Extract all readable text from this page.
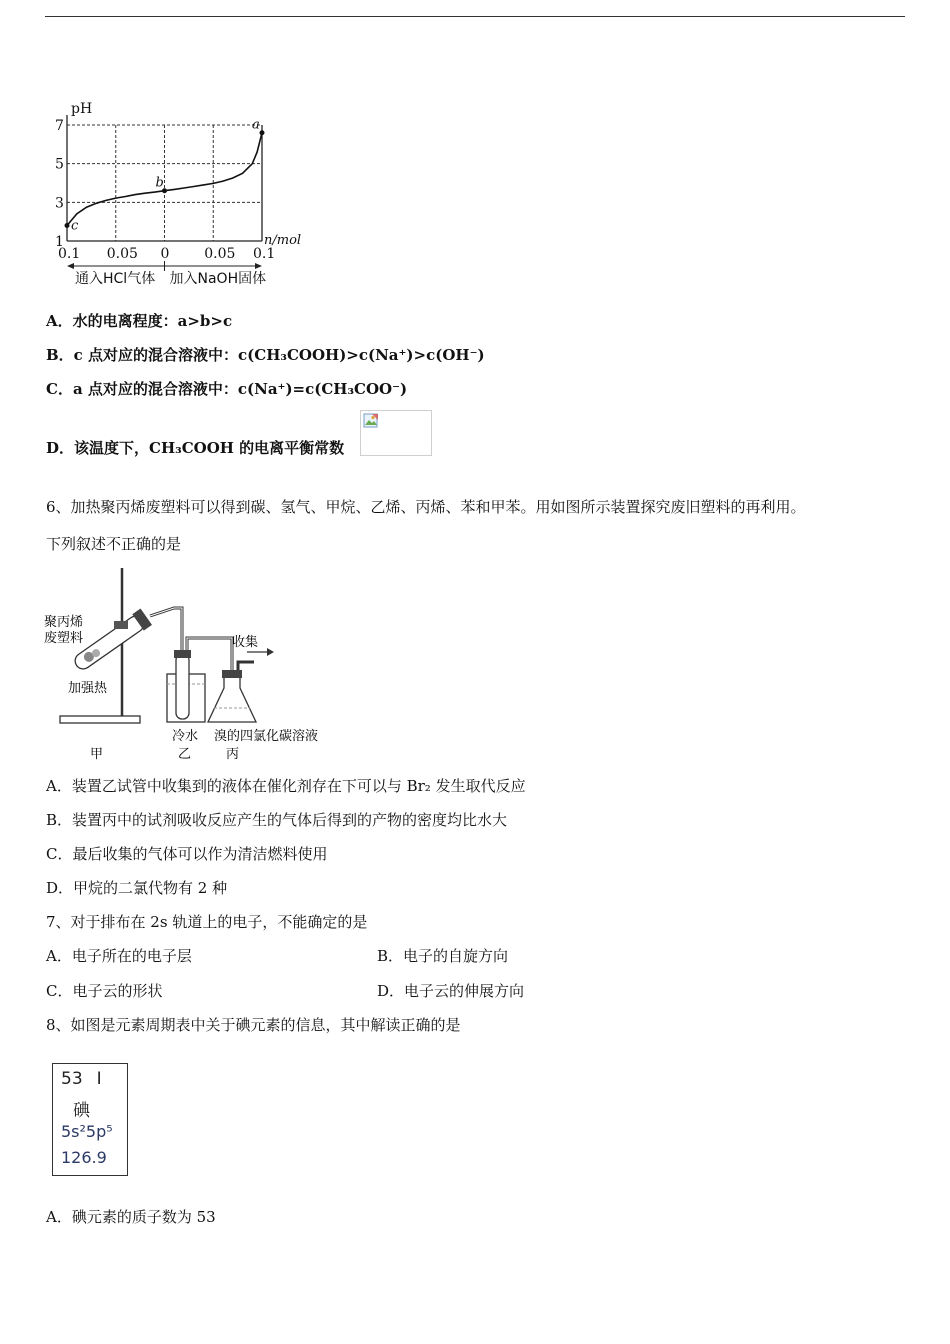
1
3
5
7
0.1 0.05 0 0.05 0.1
pH
n/mol
通入HCl气体 加入NaOH固体
c
b
a
A．水的电离程度：a>b>c
B．c 点对应的混合溶液中：c(CH₃COOH)>c(Na⁺)>c(OH⁻)
C．a 点对应的混合溶液中：c(Na⁺)=c(CH₃COO⁻)
D．该温度下，CH₃COOH 的电离平衡常数
6、加热聚丙烯废塑料可以得到碳、氢气、甲烷、乙烯、丙烯、苯和甲苯。用如图所示装置探究废旧塑料的再利用。
下列叙述不正确的是
聚丙烯
废塑料
加强热
收集
冷水 溴的四氯化碳溶液
甲	乙	丙
A．装置乙试管中收集到的液体在催化剂存在下可以与 Br₂ 发生取代反应
B．装置丙中的试剂吸收反应产生的气体后得到的产物的密度均比水大
C．最后收集的气体可以作为清洁燃料使用
D．甲烷的二氯代物有 2 种
7、对于排布在 2s 轨道上的电子，不能确定的是
A．电子所在的电子层	B．电子的自旋方向
C．电子云的形状	D．电子云的伸展方向
8、如图是元素周期表中关于碘元素的信息，其中解读正确的是
53 I
碘
5s²5p⁵
126.9
A．碘元素的质子数为 53
